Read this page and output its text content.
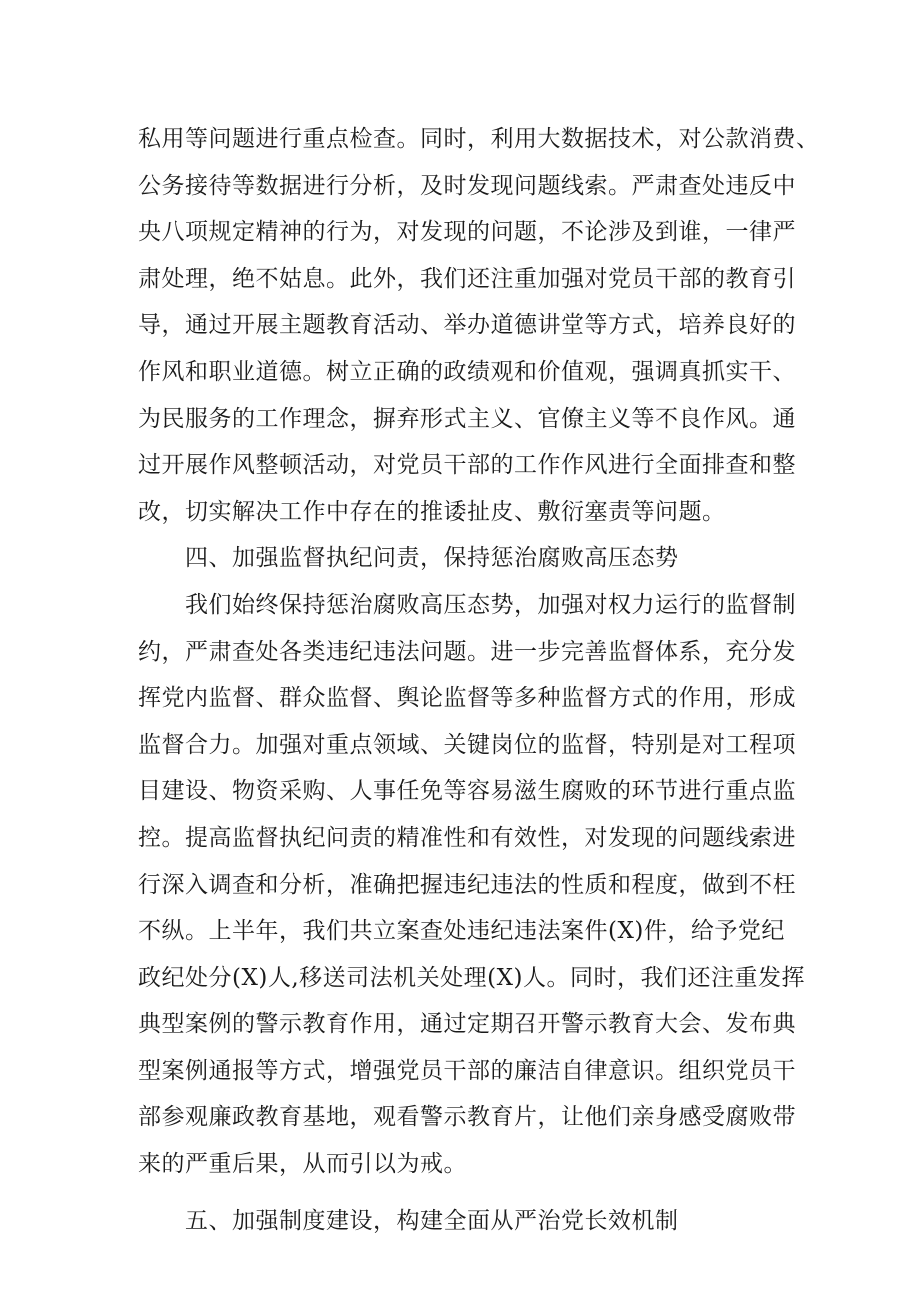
私用等问题进行重点检查。同时，利用大数据技术，对公款消费、
公务接待等数据进行分析，及时发现问题线索。严肃查处违反中
央八项规定精神的行为，对发现的问题，不论涉及到谁，一律严
肃处理，绝不姑息。此外，我们还注重加强对党员干部的教育引
导，通过开展主题教育活动、举办道德讲堂等方式，培养良好的
作风和职业道德。树立正确的政绩观和价值观，强调真抓实干、
为民服务的工作理念，摒弃形式主义、官僚主义等不良作风。通
过开展作风整顿活动，对党员干部的工作作风进行全面排查和整
改，切实解决工作中存在的推诿扯皮、敷衍塞责等问题。
四、加强监督执纪问责，保持惩治腐败高压态势
我们始终保持惩治腐败高压态势，加强对权力运行的监督制
约，严肃查处各类违纪违法问题。进一步完善监督体系，充分发
挥党内监督、群众监督、舆论监督等多种监督方式的作用，形成
监督合力。加强对重点领域、关键岗位的监督，特别是对工程项
目建设、物资采购、人事任免等容易滋生腐败的环节进行重点监
控。提高监督执纪问责的精准性和有效性，对发现的问题线索进
行深入调查和分析，准确把握违纪违法的性质和程度，做到不枉
不纵。上半年，我们共立案查处违纪违法案件(X)件，给予党纪
政纪处分(X)人,移送司法机关处理(X)人。同时，我们还注重发挥
典型案例的警示教育作用，通过定期召开警示教育大会、发布典
型案例通报等方式，增强党员干部的廉洁自律意识。组织党员干
部参观廉政教育基地，观看警示教育片，让他们亲身感受腐败带
来的严重后果，从而引以为戒。
五、加强制度建设，构建全面从严治党长效机制
